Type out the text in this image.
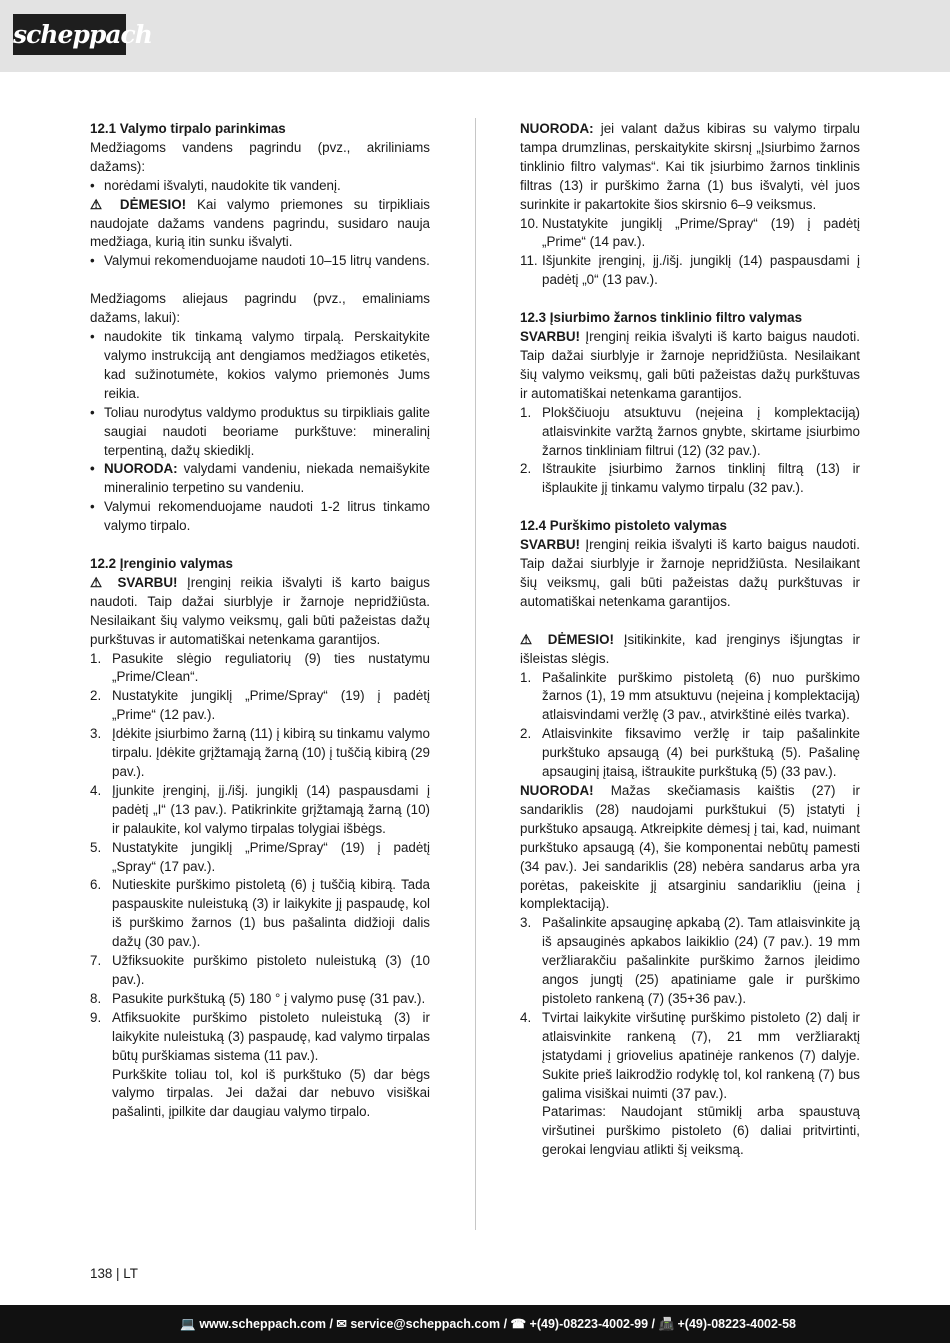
scheppach

12.1 Valymo tirpalo parinkimas

Medžiagoms vandens pagrindu (pvz., akriliniams dažams):

• norėdami išvalyti, naudokite tik vandenį.

⚠ DĖMESIO! Kai valymo priemones su tirpikliais naudojate dažams vandens pagrindu, susidaro nauja medžiaga, kurią itin sunku išvalyti.

• Valymui rekomenduojame naudoti 10–15 litrų vandens.

Medžiagoms aliejaus pagrindu (pvz., emaliniams dažams, lakui):

• naudokite tik tinkamą valymo tirpalą. Perskaitykite valymo instrukciją ant dengiamos medžiagos etiketės, kad sužinotumėte, kokios valymo priemonės Jums reikia.
• Toliau nurodytus valdymo produktus su tirpikliais galite saugiai naudoti beoriame purkštuve: mineralinį terpentiną, dažų skiediklį.
• NUORODA: valydami vandeniu, niekada nemaišykite mineralinio terpetino su vandeniu.
• Valymui rekomenduojame naudoti 1-2 litrus tinkamo valymo tirpalo.

12.2 Įrenginio valymas

⚠ SVARBU! Įrenginį reikia išvalyti iš karto baigus naudoti. Taip dažai siurblyje ir žarnoje nepridžiūsta. Nesilaikant šių valymo veiksmų, gali būti pažeistas dažų purkštuvas ir automatiškai netenkama garantijos.

1. Pasukite slėgio reguliatorių (9) ties nustatymu „Prime/Clean“.
2. Nustatykite jungiklį „Prime/Spray“ (19) į padėtį „Prime“ (12 pav.).
3. Įdėkite įsiurbimo žarną (11) į kibirą su tinkamu valymo tirpalu. Įdėkite grįžtamąją žarną (10) į tuščią kibirą (29 pav.).
4. Įjunkite įrenginį, įj./išj. jungiklį (14) paspausdami į padėtį „I“ (13 pav.). Patikrinkite grįžtamąją žarną (10) ir palaukite, kol valymo tirpalas tolygiai išbėgs.
5. Nustatykite jungiklį „Prime/Spray“ (19) į padėtį „Spray“ (17 pav.).
6. Nutieskite purškimo pistoletą (6) į tuščią kibirą. Tada paspauskite nuleistuką (3) ir laikykite jį paspaudę, kol iš purškimo žarnos (1) bus pašalinta didžioji dalis dažų (30 pav.).
7. Užfiksuokite purškimo pistoleto nuleistuką (3) (10 pav.).
8. Pasukite purkštuką (5) 180 ° į valymo pusę (31 pav.).
9. Atfiksuokite purškimo pistoleto nuleistuką (3) ir laikykite nuleistuką (3) paspaudę, kad valymo tirpalas būtų purškiamas sistema (11 pav.).
Purkškite toliau tol, kol iš purkštuko (5) dar bėgs valymo tirpalas. Jei dažai dar nebuvo visiškai pašalinti, įpilkite dar daugiau valymo tirpalo.

NUORODA: jei valant dažus kibiras su valymo tirpalu tampa drumzlinas, perskaitykite skirsnį „Įsiurbimo žarnos tinklinio filtro valymas“. Kai tik įsiurbimo žarnos tinklinis filtras (13) ir purškimo žarna (1) bus išvalyti, vėl juos surinkite ir pakartokite šios skirsnio 6–9 veiksmus.

10. Nustatykite jungiklį „Prime/Spray“ (19) į padėtį „Prime“ (14 pav.).
11. Išjunkite įrenginį, įj./išj. jungiklį (14) paspausdami į padėtį „0“ (13 pav.).

12.3 Įsiurbimo žarnos tinklinio filtro valymas

SVARBU! Įrenginį reikia išvalyti iš karto baigus naudoti. Taip dažai siurblyje ir žarnoje nepridžiūsta. Nesilaikant šių valymo veiksmų, gali būti pažeistas dažų purkštuvas ir automatiškai netenkama garantijos.

1. Plokščiuoju atsuktuvu (neįeina į komplektaciją) atlaisvinkite varžtą žarnos gnybte, skirtame įsiurbimo žarnos tinkliniam filtrui (12) (32 pav.).
2. Ištraukite įsiurbimo žarnos tinklinį filtrą (13) ir išplaukite jį tinkamu valymo tirpalu (32 pav.).

12.4 Purškimo pistoleto valymas

SVARBU! Įrenginį reikia išvalyti iš karto baigus naudoti. Taip dažai siurblyje ir žarnoje nepridžiūsta. Nesilaikant šių veiksmų, gali būti pažeistas dažų purkštuvas ir automatiškai netenkama garantijos.

⚠ DĖMESIO! Įsitikinkite, kad įrenginys išjungtas ir išleistas slėgis.

1. Pašalinkite purškimo pistoletą (6) nuo purškimo žarnos (1), 19 mm atsuktuvu (neįeina į komplektaciją) atlaisvindami veržlę (3 pav., atvirkštinė eilės tvarka).
2. Atlaisvinkite fiksavimo veržlę ir taip pašalinkite purkštuko apsaugą (4) bei purkštuką (5). Pašalinę apsauginį įtaisą, ištraukite purkštuką (5) (33 pav.).

NUORODA! Mažas skečiamasis kaištis (27) ir sandariklis (28) naudojami purkštukui (5) įstatyti į purkštuko apsaugą. Atkreipkite dėmesį į tai, kad, nuimant purkštuko apsaugą (4), šie komponentai nebūtų pamesti (34 pav.). Jei sandariklis (28) nebėra sandarus arba yra porėtas, pakeiskite jį atsarginiu sandarikliu (įeina į komplektaciją).

3. Pašalinkite apsauginę apkabą (2). Tam atlaisvinkite ją iš apsauginės apkabos laikiklio (24) (7 pav.). 19 mm veržliarakčiu pašalinkite purškimo žarnos įleidimo angos jungtį (25) apatiniame gale ir purškimo pistoleto rankeną (7) (35+36 pav.).
4. Tvirtai laikykite viršutinę purškimo pistoleto (2) dalį ir atlaisvinkite rankeną (7), 21 mm veržliaraktį įstatydami į griovelius apatinėje rankenos (7) dalyje. Sukite prieš laikrodžio rodyklę tol, kol rankeną (7) bus galima visiškai nuimti (37 pav.).
Patarimas: Naudojant stūmiklį arba spaustuvą viršutinei purškimo pistoleto (6) daliai pritvirtinti, gerokai lengviau atlikti šį veiksmą.
138 | LT
💻 www.scheppach.com / ✉ service@scheppach.com / ☎ +(49)-08223-4002-99 / 📠 +(49)-08223-4002-58
